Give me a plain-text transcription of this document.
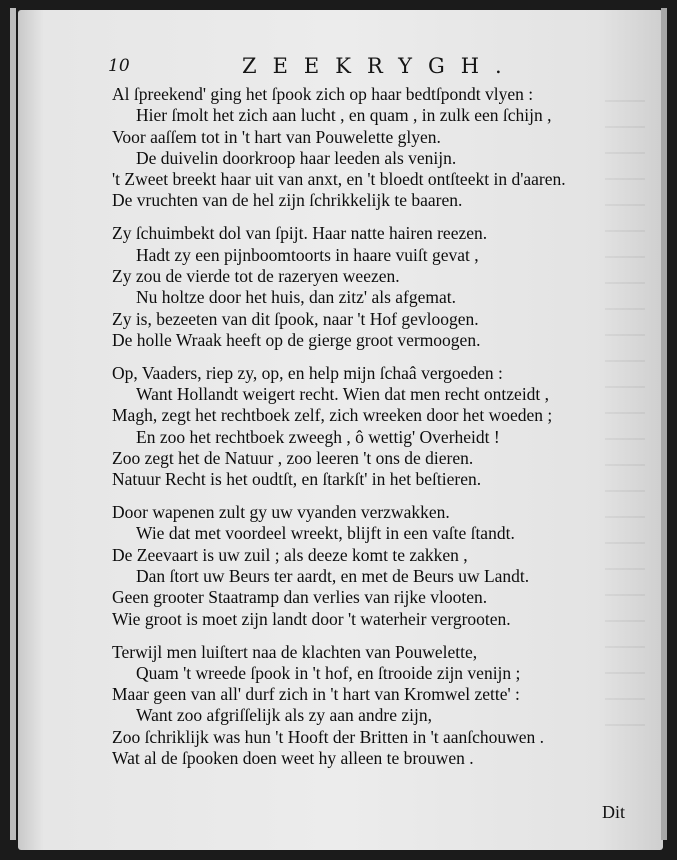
10	ZEEKRYGH.
Al ſpreekend' ging het ſpook zich op haar bedtſpondt vlyen :
Hier ſmolt het zich aan lucht , en quam , in zulk een ſchijn ,
Voor aaſſem tot in 't hart van Pouwelette glyen.
De duivelin doorkroop haar leeden als venijn.
't Zweet breekt haar uit van anxt, en 't bloedt ontſteekt in d'aaren.
De vruchten van de hel zijn ſchrikkelijk te baaren.
Zy ſchuimbekt dol van ſpijt. Haar natte hairen reezen.
Hadt zy een pijnboomtoorts in haare vuiſt gevat ,
Zy zou de vierde tot de razeryen weezen.
Nu holtze door het huis, dan zitz' als afgemat.
Zy is, bezeeten van dit ſpook, naar 't Hof gevloogen.
De holle Wraak heeft op de gierge groot vermoogen.
Op, Vaaders, riep zy, op, en help mijn ſchaâ vergoeden :
Want Hollandt weigert recht. Wien dat men recht ontzeidt ,
Magh, zegt het rechtboek zelf, zich wreeken door het woeden ;
En zoo het rechtboek zweegh , ô wettig' Overheidt !
Zoo zegt het de Natuur , zoo leeren 't ons de dieren.
Natuur Recht is het oudtſt, en ſtarkſt' in het beſtieren.
Door wapenen zult gy uw vyanden verzwakken.
Wie dat met voordeel wreekt, blijft in een vaſte ſtandt.
De Zeevaart is uw zuil ; als deeze komt te zakken ,
Dan ſtort uw Beurs ter aardt, en met de Beurs uw Landt.
Geen grooter Staatramp dan verlies van rijke vlooten.
Wie groot is moet zijn landt door 't waterheir vergrooten.
Terwijl men luiſtert naa de klachten van Pouwelette,
Quam 't wreede ſpook in 't hof, en ſtrooide zijn venijn ;
Maar geen van all' durf zich in 't hart van Kromwel zette' :
Want zoo afgriſſelijk als zy aan andre zijn,
Zoo ſchriklijk was hun 't Hooft der Britten in 't aanſchouwen .
Wat al de ſpooken doen weet hy alleen te brouwen .
Dit
